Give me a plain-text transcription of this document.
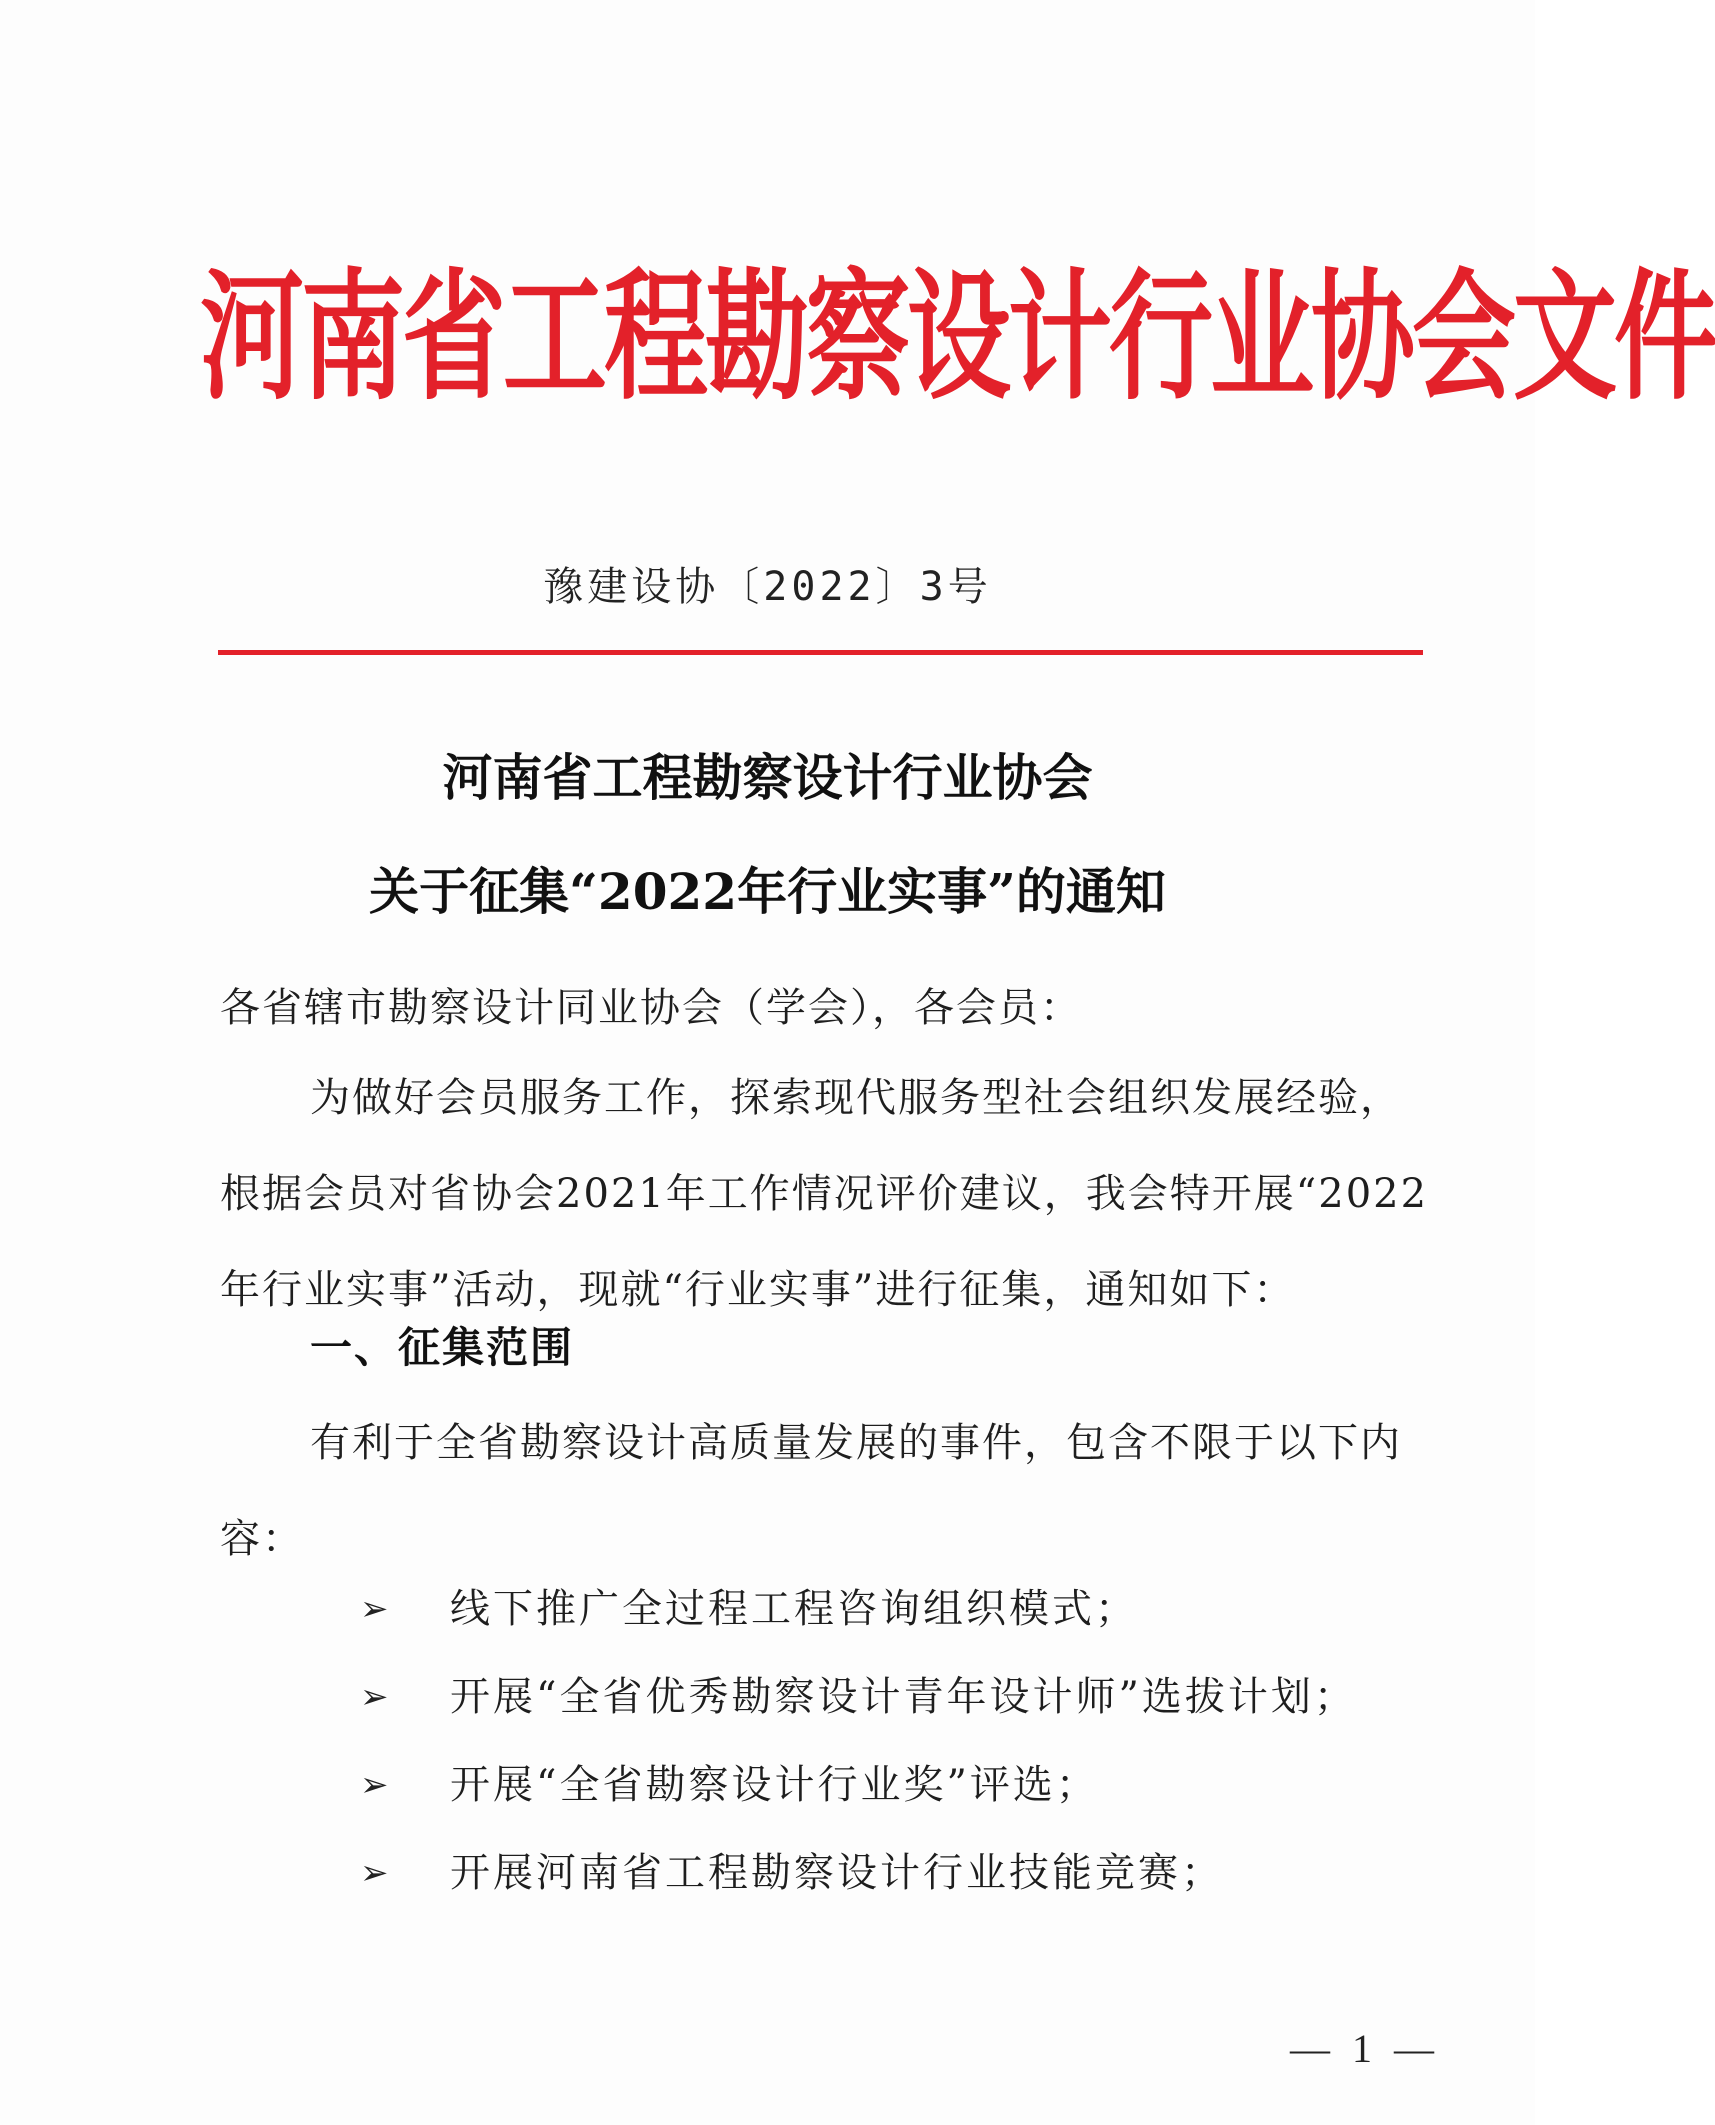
河南省工程勘察设计行业协会文件
豫建设协〔2022〕3号
河南省工程勘察设计行业协会
关于征集“2022年行业实事”的通知
各省辖市勘察设计同业协会（学会），各会员：
为做好会员服务工作，探索现代服务型社会组织发展经验，根据会员对省协会2021年工作情况评价建议，我会特开展“2022年行业实事”活动，现就“行业实事”进行征集，通知如下：
一、征集范围
有利于全省勘察设计高质量发展的事件，包含不限于以下内容：
➢	线下推广全过程工程咨询组织模式；
➢	开展“全省优秀勘察设计青年设计师”选拔计划；
➢	开展“全省勘察设计行业奖”评选；
➢	开展河南省工程勘察设计行业技能竞赛；
— 1 —
